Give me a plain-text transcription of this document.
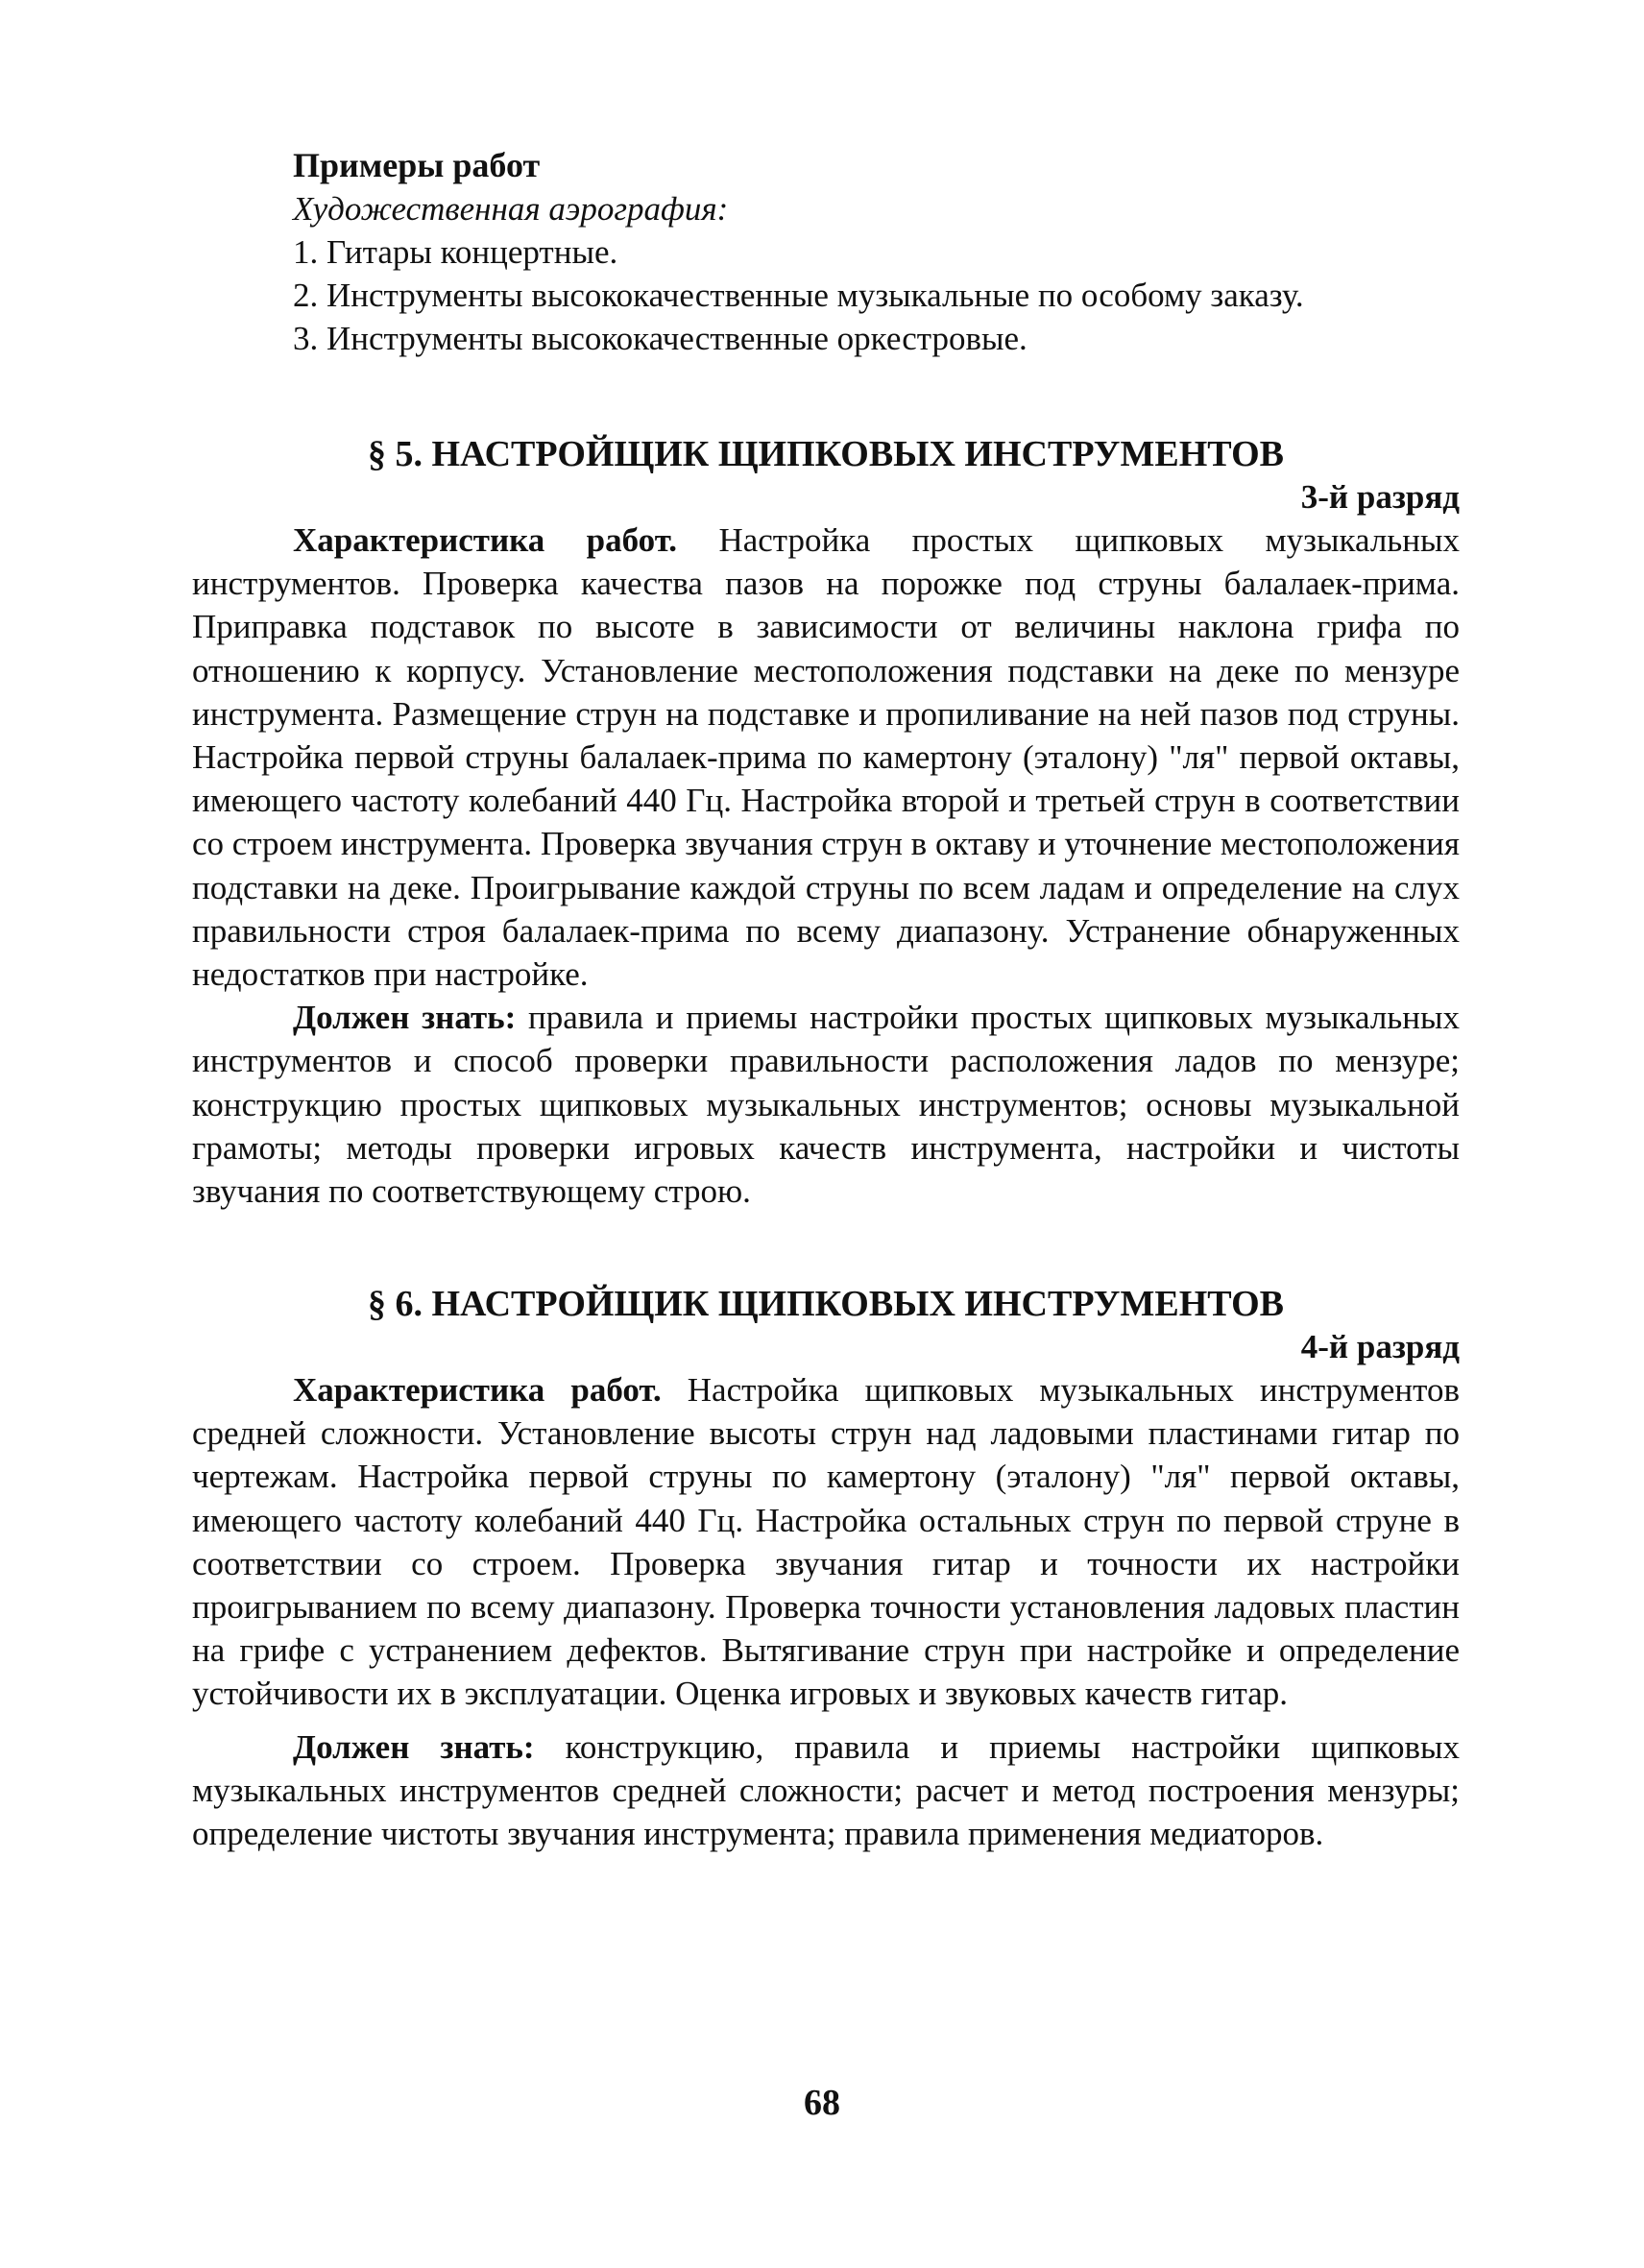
Примеры работ

Художественная аэрография:

1. Гитары концертные.

2. Инструменты высококачественные музыкальные по особому заказу.

3. Инструменты высококачественные оркестровые.

§ 5. НАСТРОЙЩИК ЩИПКОВЫХ ИНСТРУМЕНТОВ

3-й разряд

Характеристика работ. Настройка простых щипковых музыкальных инструментов. Проверка качества пазов на порожке под струны балалаек-прима. Приправка подставок по высоте в зависимости от величины наклона грифа по отношению к корпусу. Установление местоположения подставки на деке по мензуре инструмента. Размещение струн на подставке и пропиливание на ней пазов под струны. Настройка первой струны балалаек-прима по камертону (эталону) "ля" первой октавы, имеющего частоту колебаний 440 Гц. Настройка второй и третьей струн в соответствии со строем инструмента. Проверка звучания струн в октаву и уточнение местоположения подставки на деке. Проигрывание каждой струны по всем ладам и определение на слух правильности строя балалаек-прима по всему диапазону. Устранение обнаруженных недостатков при настройке.

Должен знать: правила и приемы настройки простых щипковых музыкальных инструментов и способ проверки правильности расположения ладов по мензуре; конструкцию простых щипковых музыкальных инструментов; основы музыкальной грамоты; методы проверки игровых качеств инструмента, настройки и чистоты звучания по соответствующему строю.

§ 6. НАСТРОЙЩИК ЩИПКОВЫХ ИНСТРУМЕНТОВ

4-й разряд

Характеристика работ. Настройка щипковых музыкальных инструментов средней сложности. Установление высоты струн над ладовыми пластинами гитар по чертежам. Настройка первой струны по камертону (эталону) "ля" первой октавы, имеющего частоту колебаний 440 Гц. Настройка остальных струн по первой струне в соответствии со строем. Проверка звучания гитар и точности их настройки проигрыванием по всему диапазону. Проверка точности установления ладовых пластин на грифе с устранением дефектов. Вытягивание струн при настройке и определение устойчивости их в эксплуатации. Оценка игровых и звуковых качеств гитар.

Должен знать: конструкцию, правила и приемы настройки щипковых музыкальных инструментов средней сложности; расчет и метод построения мензуры; определение чистоты звучания инструмента; правила применения медиаторов.

68
